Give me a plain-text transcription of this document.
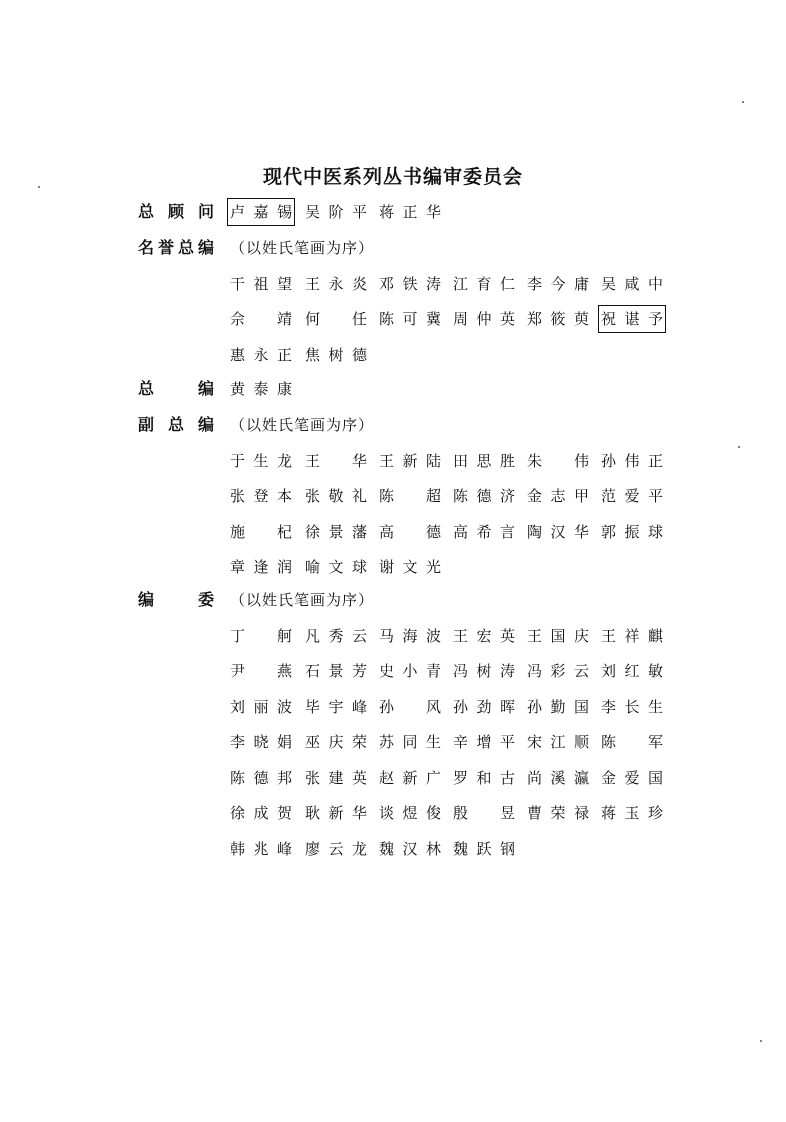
现代中医系列丛书编审委员会
总 顾 问 卢 嘉 锡 吴 阶 平 蒋 正 华
名 誉 总 编 （以姓氏笔画为序）
干 祖 望 王 永 炎 邓 铁 涛 江 育 仁 李 今 庸 吴 咸 中
佘 靖 何 任 陈 可 冀 周 仲 英 郑 筱 萸 祝 谌 予
惠 永 正 焦 树 德
总	编 黄 泰 康
副 总 编 （以姓氏笔画为序）
于 生 龙 王 华 王 新 陆 田 思 胜 朱 伟 孙 伟 正
张 登 本 张 敬 礼 陈 超 陈 德 济 金 志 甲 范 爱 平
施 杞 徐 景 藩 高 德 高 希 言 陶 汉 华 郭 振 球
章 逢 润 喻 文 球 谢 文 光
编	委 （以姓氏笔画为序）
丁 舸 凡 秀 云 马 海 波 王 宏 英 王 国 庆 王 祥 麒
尹 燕 石 景 芳 史 小 青 冯 树 涛 冯 彩 云 刘 红 敏
刘 丽 波 毕 宇 峰 孙 风 孙 劲 晖 孙 勤 国 李 长 生
李 晓 娟 巫 庆 荣 苏 同 生 辛 增 平 宋 江 顺 陈 军
陈 德 邦 张 建 英 赵 新 广 罗 和 古 尚 溪 瀛 金 爱 国
徐 成 贺 耿 新 华 谈 煜 俊 殷 昱 曹 荣 禄 蒋 玉 珍
韩 兆 峰 廖 云 龙 魏 汉 林 魏 跃 钢
